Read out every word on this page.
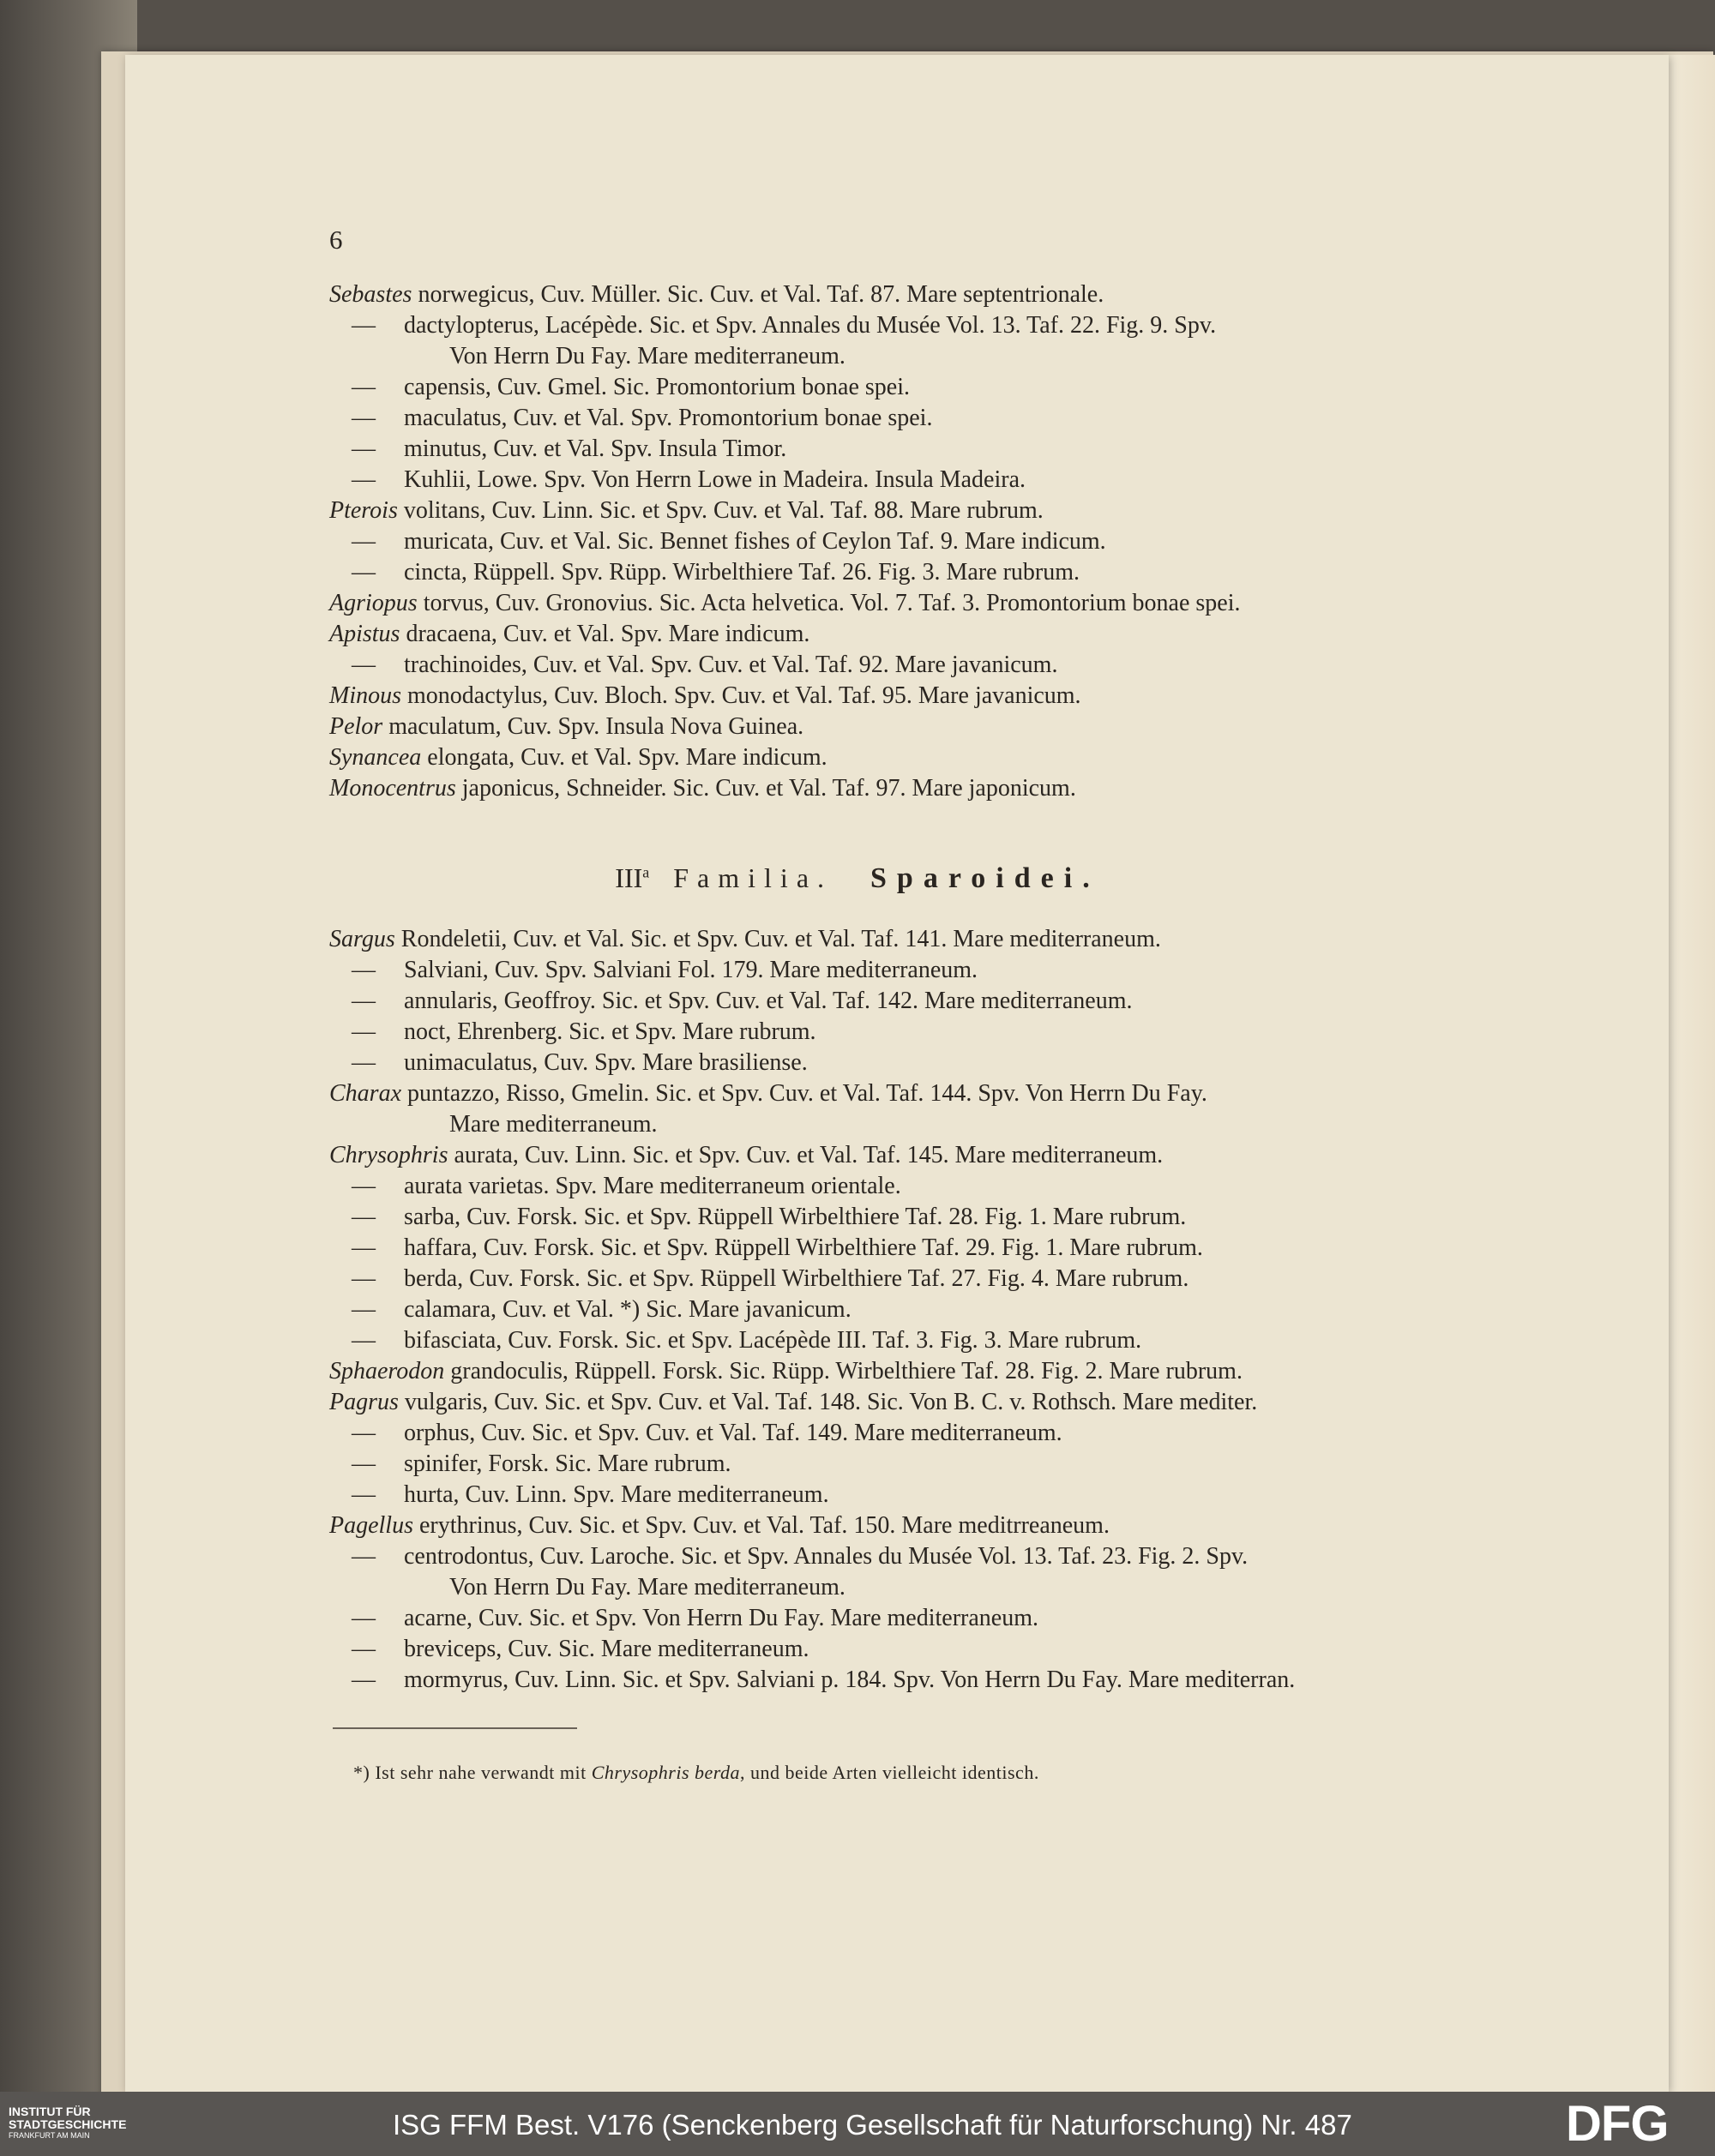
6
Sebastes norwegicus, Cuv. Müller. Sic. Cuv. et Val. Taf. 87. Mare septentrionale.
— dactylopterus, Lacépède. Sic. et Spv. Annales du Musée Vol. 13. Taf. 22. Fig. 9. Spv.
Von Herrn Du Fay. Mare mediterraneum.
— capensis, Cuv. Gmel. Sic. Promontorium bonae spei.
— maculatus, Cuv. et Val. Spv. Promontorium bonae spei.
— minutus, Cuv. et Val. Spv. Insula Timor.
— Kuhlii, Lowe. Spv. Von Herrn Lowe in Madeira. Insula Madeira.
Pterois volitans, Cuv. Linn. Sic. et Spv. Cuv. et Val. Taf. 88. Mare rubrum.
— muricata, Cuv. et Val. Sic. Bennet fishes of Ceylon Taf. 9. Mare indicum.
— cincta, Rüppell. Spv. Rüpp. Wirbelthiere Taf. 26. Fig. 3. Mare rubrum.
Agriopus torvus, Cuv. Gronovius. Sic. Acta helvetica. Vol. 7. Taf. 3. Promontorium bonae spei.
Apistus dracaena, Cuv. et Val. Spv. Mare indicum.
— trachinoides, Cuv. et Val. Spv. Cuv. et Val. Taf. 92. Mare javanicum.
Minous monodactylus, Cuv. Bloch. Spv. Cuv. et Val. Taf. 95. Mare javanicum.
Pelor maculatum, Cuv. Spv. Insula Nova Guinea.
Synancea elongata, Cuv. et Val. Spv. Mare indicum.
Monocentrus japonicus, Schneider. Sic. Cuv. et Val. Taf. 97. Mare japonicum.
III$^a$ Familia. Sparoidei.
Sargus Rondeletii, Cuv. et Val. Sic. et Spv. Cuv. et Val. Taf. 141. Mare mediterraneum.
— Salviani, Cuv. Spv. Salviani Fol. 179. Mare mediterraneum.
— annularis, Geoffroy. Sic. et Spv. Cuv. et Val. Taf. 142. Mare mediterraneum.
— noct, Ehrenberg. Sic. et Spv. Mare rubrum.
— unimaculatus, Cuv. Spv. Mare brasiliense.
Charax puntazzo, Risso, Gmelin. Sic. et Spv. Cuv. et Val. Taf. 144. Spv. Von Herrn Du Fay.
Mare mediterraneum.
Chrysophris aurata, Cuv. Linn. Sic. et Spv. Cuv. et Val. Taf. 145. Mare mediterraneum.
— aurata varietas. Spv. Mare mediterraneum orientale.
— sarba, Cuv. Forsk. Sic. et Spv. Rüppell Wirbelthiere Taf. 28. Fig. 1. Mare rubrum.
— haffara, Cuv. Forsk. Sic. et Spv. Rüppell Wirbelthiere Taf. 29. Fig. 1. Mare rubrum.
— berda, Cuv. Forsk. Sic. et Spv. Rüppell Wirbelthiere Taf. 27. Fig. 4. Mare rubrum.
— calamara, Cuv. et Val. *) Sic. Mare javanicum.
— bifasciata, Cuv. Forsk. Sic. et Spv. Lacépède III. Taf. 3. Fig. 3. Mare rubrum.
Sphaerodon grandoculis, Rüppell. Forsk. Sic. Rüpp. Wirbelthiere Taf. 28. Fig. 2. Mare rubrum.
Pagrus vulgaris, Cuv. Sic. et Spv. Cuv. et Val. Taf. 148. Sic. Von B. C. v. Rothsch. Mare mediter.
— orphus, Cuv. Sic. et Spv. Cuv. et Val. Taf. 149. Mare mediterraneum.
— spinifer, Forsk. Sic. Mare rubrum.
— hurta, Cuv. Linn. Spv. Mare mediterraneum.
Pagellus erythrinus, Cuv. Sic. et Spv. Cuv. et Val. Taf. 150. Mare meditrreaneum.
— centrodontus, Cuv. Laroche. Sic. et Spv. Annales du Musée Vol. 13. Taf. 23. Fig. 2. Spv.
Von Herrn Du Fay. Mare mediterraneum.
— acarne, Cuv. Sic. et Spv. Von Herrn Du Fay. Mare mediterraneum.
— breviceps, Cuv. Sic. Mare mediterraneum.
— mormyrus, Cuv. Linn. Sic. et Spv. Salviani p. 184. Spv. Von Herrn Du Fay. Mare mediterran.
*) Ist sehr nahe verwandt mit Chrysophris berda, und beide Arten vielleicht identisch.
INSTITUT FÜR
STADTGESCHICHTE
FRANKFURT AM MAIN	ISG FFM Best. V176 (Senckenberg Gesellschaft für Naturforschung) Nr. 487	DFG
